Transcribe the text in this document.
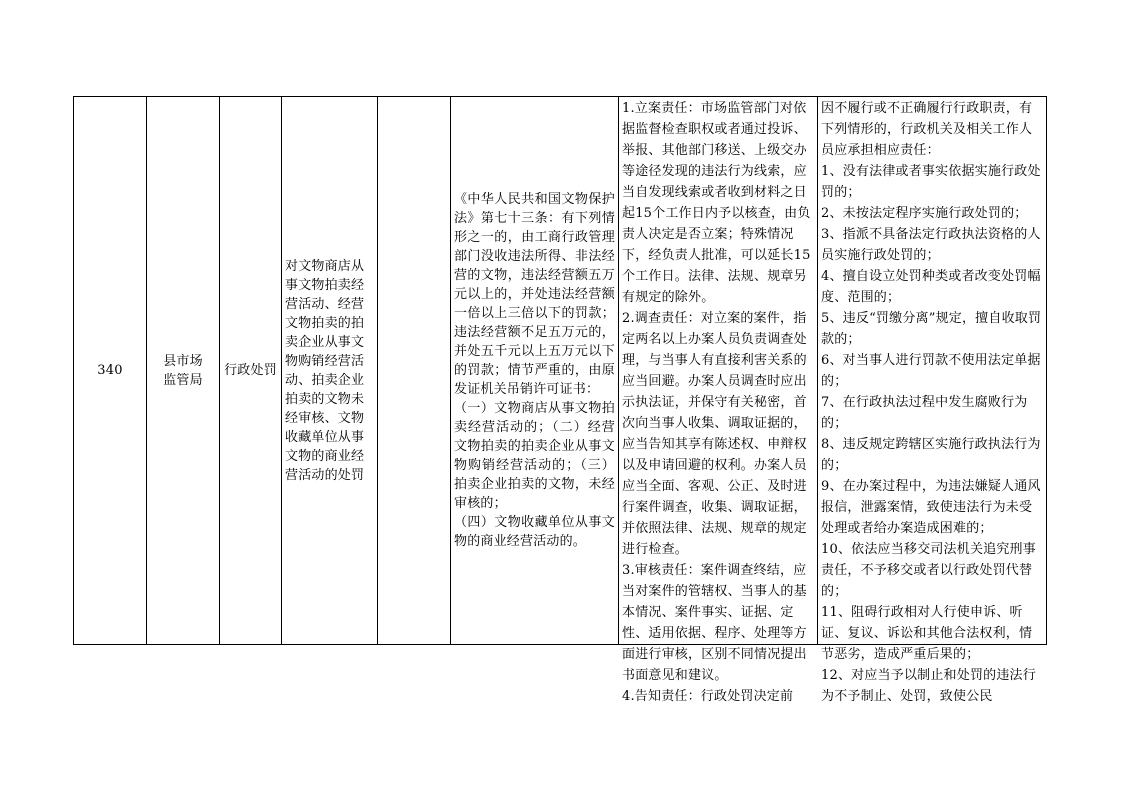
340
县市场
监管局
行政处罚
对文物商店从事文物拍卖经营活动、经营文物拍卖的拍卖企业从事文物购销经营活动、拍卖企业拍卖的文物未经审核、文物收藏单位从事文物的商业经营活动的处罚
《中华人民共和国文物保护法》第七十三条：有下列情形之一的，由工商行政管理部门没收违法所得、非法经营的文物，违法经营额五万元以上的，并处违法经营额一倍以上三倍以下的罚款；违法经营额不足五万元的，并处五千元以上五万元以下的罚款；情节严重的，由原发证机关吊销许可证书：
（一）文物商店从事文物拍卖经营活动的；（二）经营文物拍卖的拍卖企业从事文物购销经营活动的；（三）拍卖企业拍卖的文物，未经审核的；
（四）文物收藏单位从事文物的商业经营活动的。
1.立案责任：市场监管部门对依据监督检查职权或者通过投诉、举报、其他部门移送、上级交办等途径发现的违法行为线索，应当自发现线索或者收到材料之日起15个工作日内予以核查，由负责人决定是否立案；特殊情况下，经负责人批准，可以延长15个工作日。法律、法规、规章另有规定的除外。
2.调查责任：对立案的案件，指定两名以上办案人员负责调查处理，与当事人有直接利害关系的应当回避。办案人员调查时应出示执法证，并保守有关秘密，首次向当事人收集、调取证据的，应当告知其享有陈述权、申辩权以及申请回避的权利。办案人员应当全面、客观、公正、及时进行案件调查，收集、调取证据，并依照法律、法规、规章的规定进行检查。
3.审核责任：案件调查终结，应当对案件的管辖权、当事人的基本情况、案件事实、证据、定性、适用依据、程序、处理等方面进行审核，区别不同情况提出书面意见和建议。
4.告知责任：行政处罚决定前
因不履行或不正确履行行政职责，有下列情形的，行政机关及相关工作人员应承担相应责任：
1、没有法律或者事实依据实施行政处罚的；
2、未按法定程序实施行政处罚的；
3、指派不具备法定行政执法资格的人员实施行政处罚的；
4、擅自设立处罚种类或者改变处罚幅度、范围的；
5、违反“罚缴分离”规定，擅自收取罚款的；
6、对当事人进行罚款不使用法定单据的；
7、在行政执法过程中发生腐败行为的；
8、违反规定跨辖区实施行政执法行为的；
9、在办案过程中，为违法嫌疑人通风报信，泄露案情，致使违法行为未受处理或者给办案造成困难的；
10、依法应当移交司法机关追究刑事责任，不予移交或者以行政处罚代替的；
11、阻碍行政相对人行使申诉、听证、复议、诉讼和其他合法权利，情节恶劣，造成严重后果的；
12、对应当予以制止和处罚的违法行为不予制止、处罚，致使公民
